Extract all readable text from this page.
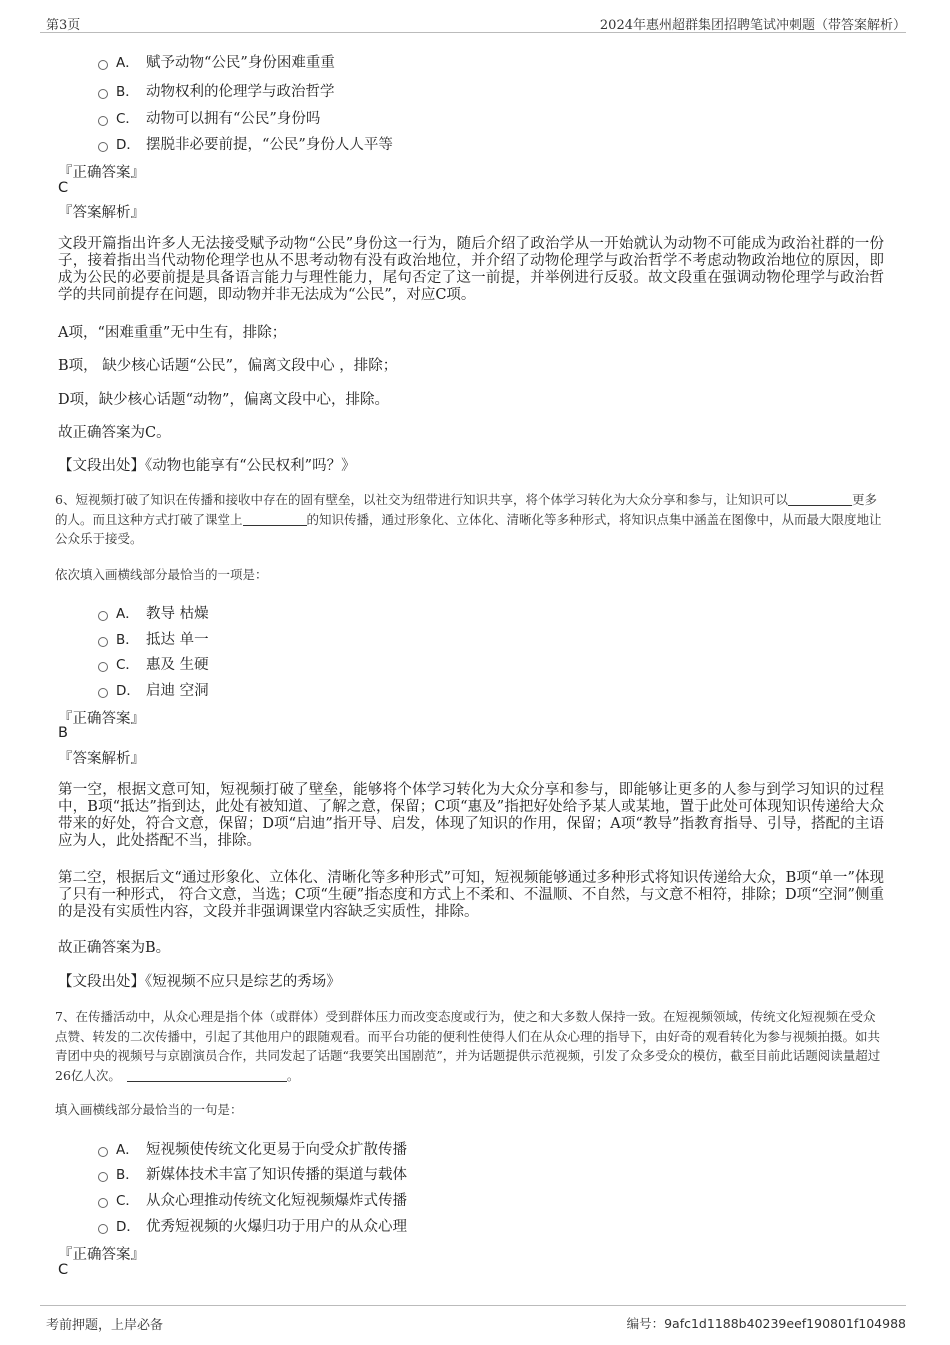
第3页	2024年惠州超群集团招聘笔试冲刺题（带答案解析）
A． 赋予动物“公民”身份困难重重
B． 动物权利的伦理学与政治哲学
C． 动物可以拥有“公民”身份吗
D． 摆脱非必要前提，“公民”身份人人平等
『正确答案』
C
『答案解析』

文段开篇指出许多人无法接受赋予动物“公民”身份这一行为，随后介绍了政治学从一开始就认为动物不可能成为政治社群的一份子，接着指出当代动物伦理学也从不思考动物有没有政治地位，并介绍了动物伦理学与政治哲学不考虑动物政治地位的原因，即成为公民的必要前提是具备语言能力与理性能力，尾句否定了这一前提，并举例进行反驳。故文段重在强调动物伦理学与政治哲学的共同前提存在问题，即动物并非无法成为“公民”，对应C项。

A项，“困难重重”无中生有，排除；

B项， 缺少核心话题“公民”，偏离文段中心 ，排除；

D项，缺少核心话题“动物”，偏离文段中心，排除。

故正确答案为C。

【文段出处】《动物也能享有“公民权利”吗？》

6、短视频打破了知识在传播和接收中存在的固有壁垒，以社交为纽带进行知识共享，将个体学习转化为大众分享和参与，让知识可以	更多的人。而且这种方式打破了课堂上	的知识传播，通过形象化、立体化、清晰化等多种形式，将知识点集中涵盖在图像中，从而最大限度地让公众乐于接受。

依次填入画横线部分最恰当的一项是：

A． 教导 枯燥
B． 抵达 单一
C． 惠及 生硬
D． 启迪 空洞
『正确答案』
B
『答案解析』

第一空，根据文意可知，短视频打破了壁垒，能够将个体学习转化为大众分享和参与，即能够让更多的人参与到学习知识的过程中，B项“抵达”指到达，此处有被知道、了解之意，保留；C项“惠及”指把好处给予某人或某地，置于此处可体现知识传递给大众带来的好处，符合文意，保留；D项“启迪”指开导、启发，体现了知识的作用，保留；A项“教导”指教育指导、引导，搭配的主语应为人，此处搭配不当，排除。

第二空，根据后文“通过形象化、立体化、清晰化等多种形式”可知，短视频能够通过多种形式将知识传递给大众，B项“单一”体现了只有一种形式， 符合文意，当选；C项“生硬”指态度和方式上不柔和、不温顺、不自然，与文意不相符，排除；D项“空洞”侧重的是没有实质性内容，文段并非强调课堂内容缺乏实质性，排除。

故正确答案为B。

【文段出处】《短视频不应只是综艺的秀场》

7、在传播活动中，从众心理是指个体（或群体）受到群体压力而改变态度或行为，使之和大多数人保持一致。在短视频领域，传统文化短视频在受众点赞、转发的二次传播中，引起了其他用户的跟随观看。而平台功能的便利性使得人们在从众心理的指导下，由好奇的观看转化为参与视频拍摄。如共青团中央的视频号与京剧演员合作，共同发起了话题“我要笑出国剧范”，并为话题提供示范视频，引发了众多受众的模仿，截至目前此话题阅读量超过26亿人次。	。

填入画横线部分最恰当的一句是：

A． 短视频使传统文化更易于向受众扩散传播
B． 新媒体技术丰富了知识传播的渠道与载体
C． 从众心理推动传统文化短视频爆炸式传播
D． 优秀短视频的火爆归功于用户的从众心理
『正确答案』
C
考前押题，上岸必备	编号：9afc1d1188b40239eef190801f104988
